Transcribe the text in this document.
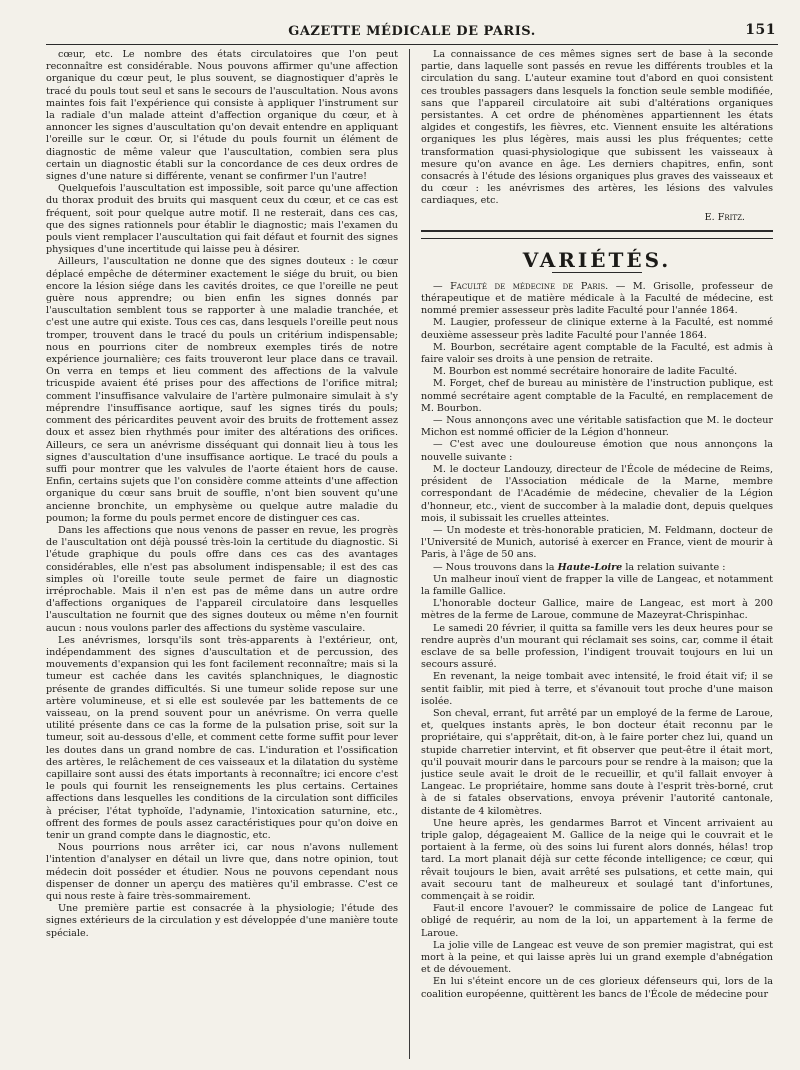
GAZETTE MÉDICALE DE PARIS.	151

cœur, etc. Le nombre des états circulatoires que l'on peut reconnaître est considérable. Nous pouvons affirmer qu'une affection organique du cœur peut, le plus souvent, se diagnostiquer d'après le tracé du pouls tout seul et sans le secours de l'auscultation. Nous avons maintes fois fait l'expérience qui consiste à appliquer l'instrument sur la radiale d'un malade atteint d'affection organique du cœur, et à annoncer les signes d'auscultation qu'on devait entendre en appliquant l'oreille sur le cœur. Or, si l'étude du pouls fournit un élément de diagnostic de même valeur que l'auscultation, combien sera plus certain un diagnostic établi sur la concordance de ces deux ordres de signes d'une nature si différente, venant se confirmer l'un l'autre!

Quelquefois l'auscultation est impossible, soit parce qu'une affection du thorax produit des bruits qui masquent ceux du cœur, et ce cas est fréquent, soit pour quelque autre motif. Il ne resterait, dans ces cas, que des signes rationnels pour établir le diagnostic; mais l'examen du pouls vient remplacer l'auscultation qui fait défaut et fournit des signes physiques d'une incertitude qui laisse peu à désirer.

Ailleurs, l'auscultation ne donne que des signes douteux : le cœur déplacé empêche de déterminer exactement le siége du bruit, ou bien encore la lésion siége dans les cavités droites, ce que l'oreille ne peut guère nous apprendre; ou bien enfin les signes donnés par l'auscultation semblent tous se rapporter à une maladie tranchée, et c'est une autre qui existe. Tous ces cas, dans lesquels l'oreille peut nous tromper, trouvent dans le tracé du pouls un critérium indispensable; nous en pourrions citer de nombreux exemples tirés de notre expérience journalière; ces faits trouveront leur place dans ce travail. On verra en temps et lieu comment des affections de la valvule tricuspide avaient été prises pour des affections de l'orifice mitral; comment l'insuffisance valvulaire de l'artère pulmonaire simulait à s'y méprendre l'insuffisance aortique, sauf les signes tirés du pouls; comment des péricardites peuvent avoir des bruits de frottement assez doux et assez bien rhythmés pour imiter des altérations des orifices. Ailleurs, ce sera un anévrisme disséquant qui donnait lieu à tous les signes d'auscultation d'une insuffisance aortique. Le tracé du pouls a suffi pour montrer que les valvules de l'aorte étaient hors de cause. Enfin, certains sujets que l'on considère comme atteints d'une affection organique du cœur sans bruit de souffle, n'ont bien souvent qu'une ancienne bronchite, un emphysème ou quelque autre maladie du poumon; la forme du pouls permet encore de distinguer ces cas.

Dans les affections que nous venons de passer en revue, les progrès de l'auscultation ont déjà poussé très-loin la certitude du diagnostic. Si l'étude graphique du pouls offre dans ces cas des avantages considérables, elle n'est pas absolument indispensable; il est des cas simples où l'oreille toute seule permet de faire un diagnostic irréprochable. Mais il n'en est pas de même dans un autre ordre d'affections organiques de l'appareil circulatoire dans lesquelles l'auscultation ne fournit que des signes douteux ou même n'en fournit aucun : nous voulons parler des affections du système vasculaire.

Les anévrismes, lorsqu'ils sont très-apparents à l'extérieur, ont, indépendamment des signes d'auscultation et de percussion, des mouvements d'expansion qui les font facilement reconnaître; mais si la tumeur est cachée dans les cavités splanchniques, le diagnostic présente de grandes difficultés. Si une tumeur solide repose sur une artère volumineuse, et si elle est soulevée par les battements de ce vaisseau, on la prend souvent pour un anévrisme. On verra quelle utilité présente dans ce cas la forme de la pulsation prise, soit sur la tumeur, soit au-dessous d'elle, et comment cette forme suffit pour lever les doutes dans un grand nombre de cas. L'induration et l'ossification des artères, le relâchement de ces vaisseaux et la dilatation du système capillaire sont aussi des états importants à reconnaître; ici encore c'est le pouls qui fournit les renseignements les plus certains. Certaines affections dans lesquelles les conditions de la circulation sont difficiles à préciser, l'état typhoïde, l'adynamie, l'intoxication saturnine, etc., offrent des formes de pouls assez caractéristiques pour qu'on doive en tenir un grand compte dans le diagnostic, etc.

Nous pourrions nous arrêter ici, car nous n'avons nullement l'intention d'analyser en détail un livre que, dans notre opinion, tout médecin doit posséder et étudier. Nous ne pouvons cependant nous dispenser de donner un aperçu des matières qu'il embrasse. C'est ce qui nous reste à faire très-sommairement.

Une première partie est consacrée à la physiologie; l'étude des signes extérieurs de la circulation y est développée d'une manière toute spéciale.

La connaissance de ces mêmes signes sert de base à la seconde partie, dans laquelle sont passés en revue les différents troubles et la circulation du sang. L'auteur examine tout d'abord en quoi consistent ces troubles passagers dans lesquels la fonction seule semble modifiée, sans que l'appareil circulatoire ait subi d'altérations organiques persistantes. A cet ordre de phénomènes appartiennent les états algides et congestifs, les fièvres, etc. Viennent ensuite les altérations organiques les plus légères, mais aussi les plus fréquentes; cette transformation quasi-physiologique que subissent les vaisseaux à mesure qu'on avance en âge. Les derniers chapitres, enfin, sont consacrés à l'étude des lésions organiques plus graves des vaisseaux et du cœur : les anévrismes des artères, les lésions des valvules cardiaques, etc.

E. Fritz.

VARIÉTÉS.

— Faculté de médecine de Paris. — M. Grisolle, professeur de thérapeutique et de matière médicale à la Faculté de médecine, est nommé premier assesseur près ladite Faculté pour l'année 1864.

M. Laugier, professeur de clinique externe à la Faculté, est nommé deuxième assesseur près ladite Faculté pour l'année 1864.

M. Bourbon, secrétaire agent comptable de la Faculté, est admis à faire valoir ses droits à une pension de retraite.

M. Bourbon est nommé secrétaire honoraire de ladite Faculté.

M. Forget, chef de bureau au ministère de l'instruction publique, est nommé secrétaire agent comptable de la Faculté, en remplacement de M. Bourbon.

— Nous annonçons avec une véritable satisfaction que M. le docteur Michon est nommé officier de la Légion d'honneur.

— C'est avec une douloureuse émotion que nous annonçons la nouvelle suivante :

M. le docteur Landouzy, directeur de l'École de médecine de Reims, président de l'Association médicale de la Marne, membre correspondant de l'Académie de médecine, chevalier de la Légion d'honneur, etc., vient de succomber à la maladie dont, depuis quelques mois, il subissait les cruelles atteintes.

— Un modeste et très-honorable praticien, M. Feldmann, docteur de l'Université de Munich, autorisé à exercer en France, vient de mourir à Paris, à l'âge de 50 ans.

— Nous trouvons dans la Haute-Loire la relation suivante :

Un malheur inouï vient de frapper la ville de Langeac, et notamment la famille Gallice.

L'honorable docteur Gallice, maire de Langeac, est mort à 200 mètres de la ferme de Laroue, commune de Mazeyrat-Chrispinhac.

Le samedi 20 février, il quitta sa famille vers les deux heures pour se rendre auprès d'un mourant qui réclamait ses soins, car, comme il était esclave de sa belle profession, l'indigent trouvait toujours en lui un secours assuré.

En revenant, la neige tombait avec intensité, le froid était vif; il se sentit faiblir, mit pied à terre, et s'évanouit tout proche d'une maison isolée.

Son cheval, errant, fut arrêté par un employé de la ferme de Laroue, et, quelques instants après, le bon docteur était reconnu par le propriétaire, qui s'apprêtait, dit-on, à le faire porter chez lui, quand un stupide charretier intervint, et fit observer que peut-être il était mort, qu'il pouvait mourir dans le parcours pour se rendre à la maison; que la justice seule avait le droit de le recueillir, et qu'il fallait envoyer à Langeac. Le propriétaire, homme sans doute à l'esprit très-borné, crut à de si fatales observations, envoya prévenir l'autorité cantonale, distante de 4 kilomètres.

Une heure après, les gendarmes Barrot et Vincent arrivaient au triple galop, dégageaient M. Gallice de la neige qui le couvrait et le portaient à la ferme, où des soins lui furent alors donnés, hélas! trop tard. La mort planait déjà sur cette féconde intelligence; ce cœur, qui rêvait toujours le bien, avait arrêté ses pulsations, et cette main, qui avait secouru tant de malheureux et soulagé tant d'infortunes, commençait à se roidir.

Faut-il encore l'avouer? le commissaire de police de Langeac fut obligé de requérir, au nom de la loi, un appartement à la ferme de Laroue.

La jolie ville de Langeac est veuve de son premier magistrat, qui est mort à la peine, et qui laisse après lui un grand exemple d'abnégation et de dévouement.

En lui s'éteint encore un de ces glorieux défenseurs qui, lors de la coalition européenne, quittèrent les bancs de l'École de médecine pour
